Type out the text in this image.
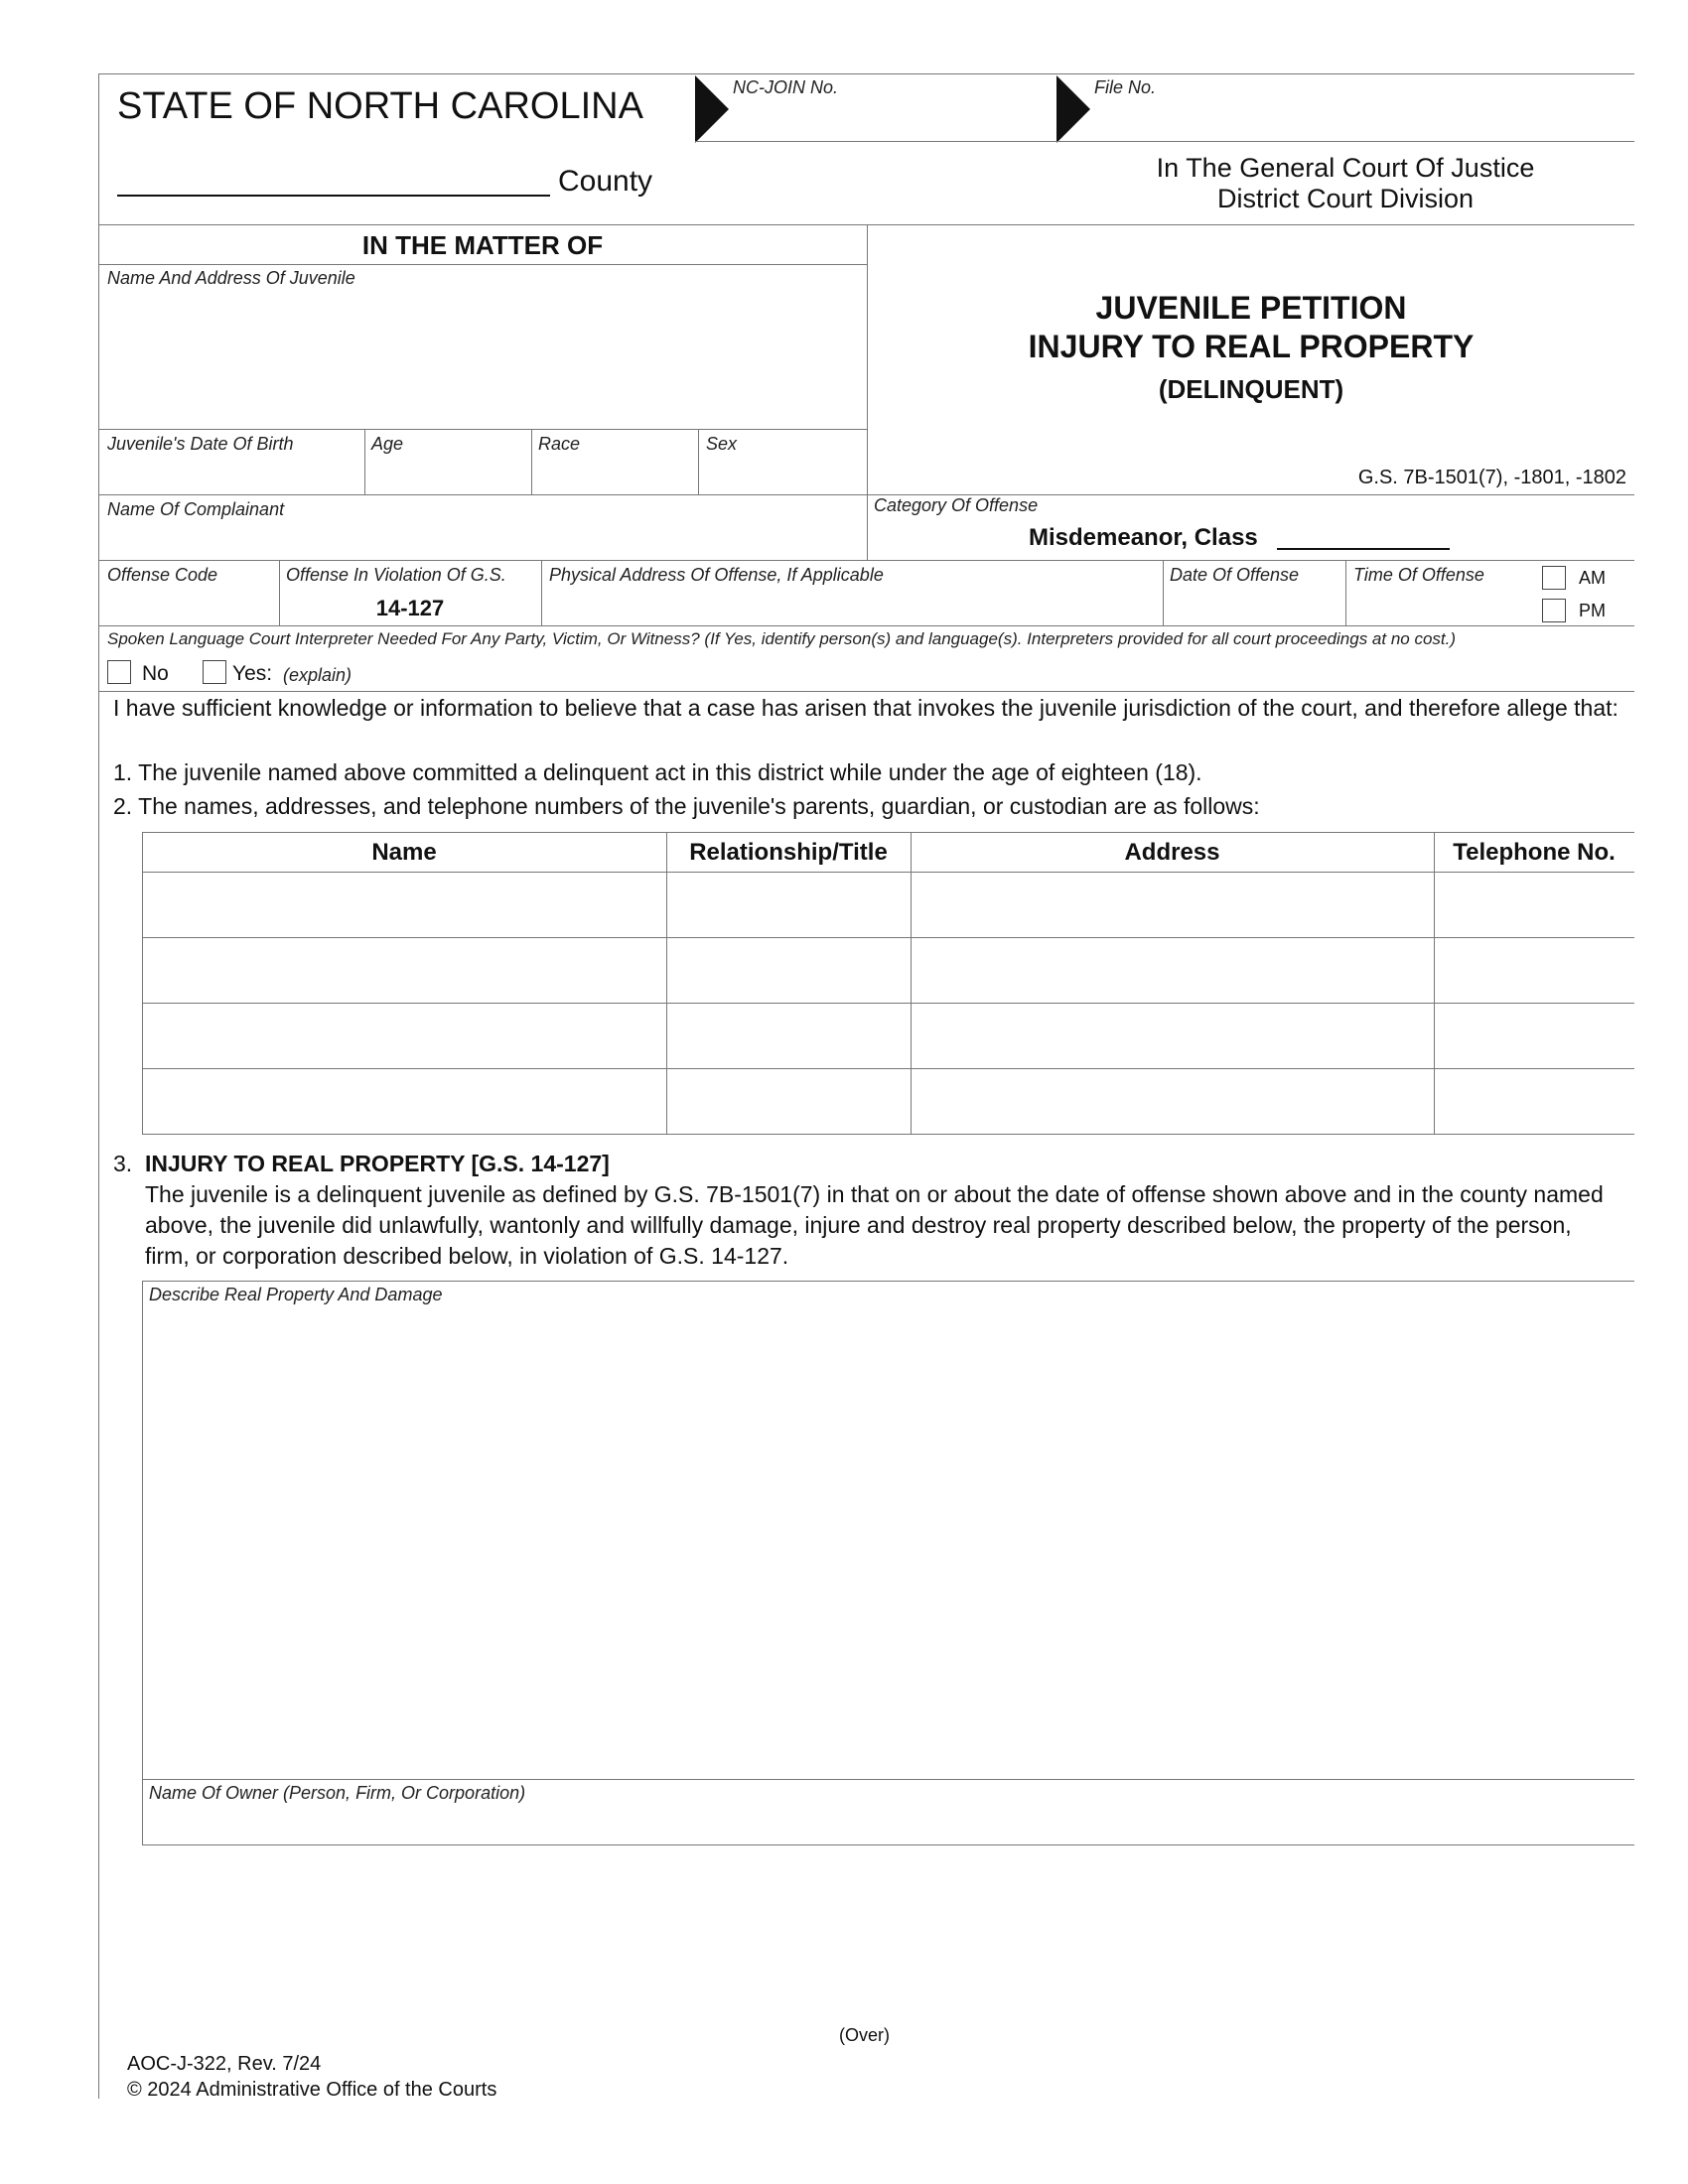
STATE OF NORTH CAROLINA	NC-JOIN No.	File No.
County	In The General Court Of Justice
District Court Division
IN THE MATTER OF
Name And Address Of Juvenile
Juvenile's Date Of Birth	Age	Race	Sex
JUVENILE PETITION
INJURY TO REAL PROPERTY
(DELINQUENT)
G.S. 7B-1501(7), -1801, -1802
Name Of Complainant	Category Of Offense
Misdemeanor, Class
Offense Code	Offense In Violation Of G.S.
14-127
Physical Address Of Offense, If Applicable	Date Of Offense	Time Of Offense	AM
PM
Spoken Language Court Interpreter Needed For Any Party, Victim, Or Witness? (If Yes, identify person(s) and language(s). Interpreters provided for all court proceedings at no cost.)
No	Yes: (explain)
I have sufficient knowledge or information to believe that a case has arisen that invokes the juvenile jurisdiction of the court, and therefore allege that:
1. The juvenile named above committed a delinquent act in this district while under the age of eighteen (18).
2. The names, addresses, and telephone numbers of the juvenile's parents, guardian, or custodian are as follows:
Name	Relationship/Title	Address	Telephone No.
3. INJURY TO REAL PROPERTY [G.S. 14-127]
The juvenile is a delinquent juvenile as defined by G.S. 7B-1501(7) in that on or about the date of offense shown above and in the county named above, the juvenile did unlawfully, wantonly and willfully damage, injure and destroy real property described below, the property of the person, firm, or corporation described below, in violation of G.S. 14-127.
Describe Real Property And Damage
Name Of Owner (Person, Firm, Or Corporation)
(Over)
AOC-J-322, Rev. 7/24
© 2024 Administrative Office of the Courts
